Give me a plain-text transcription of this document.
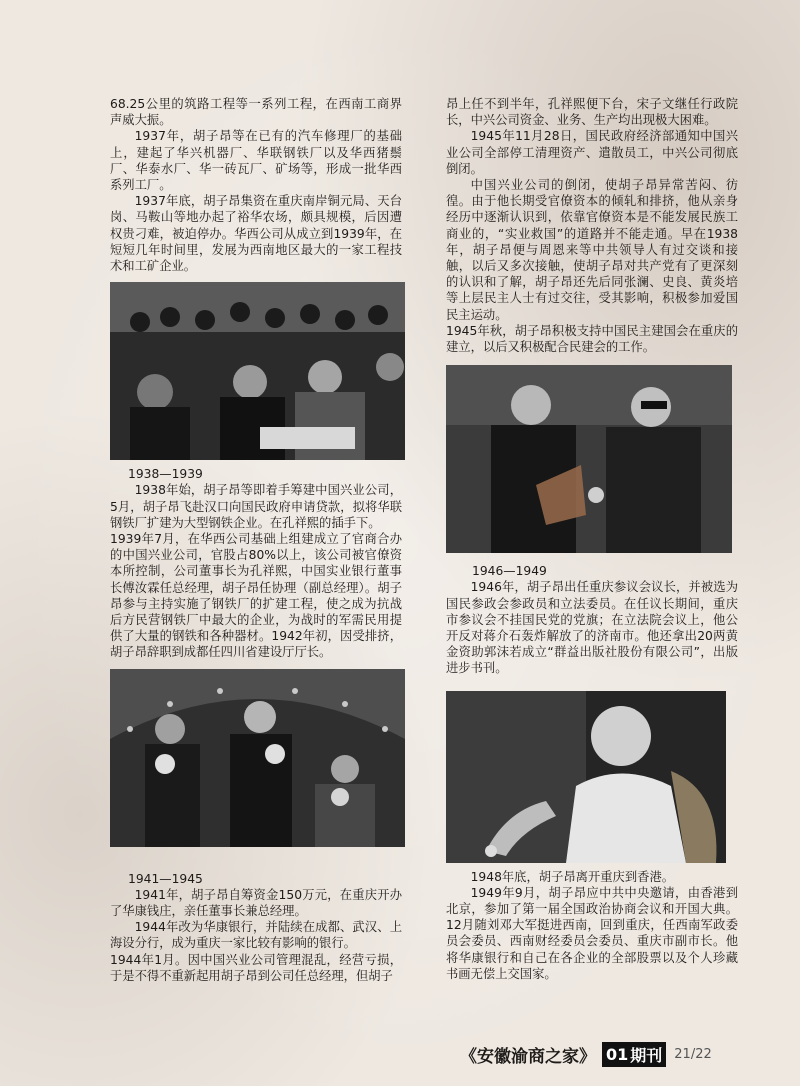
68.25公里的筑路工程等一系列工程，在西南工商界声威大振。

1937年，胡子昂等在已有的汽车修理厂的基础上，建起了华兴机器厂、华联钢铁厂以及华西猪鬃厂、华泰水厂、华一砖瓦厂、矿场等，形成一批华西系列工厂。

1937年底，胡子昂集资在重庆南岸铜元局、天台岗、马鞍山等地办起了裕华农场，颇具规模，后因遭权贵刁难，被迫停办。华西公司从成立到1939年，在短短几年时间里，发展为西南地区最大的一家工程技术和工矿企业。

1938—1939

1938年始，胡子昂等即着手筹建中国兴业公司，5月，胡子昂飞赴汉口向国民政府申请贷款，拟将华联钢铁厂扩建为大型钢铁企业。在孔祥熙的插手下。

1939年7月，在华西公司基础上组建成立了官商合办的中国兴业公司，官股占80%以上，该公司被官僚资本所控制，公司董事长为孔祥熙，中国实业银行董事长傅汝霖任总经理，胡子昂任协理（副总经理）。胡子昂参与主持实施了钢铁厂的扩建工程，使之成为抗战后方民营钢铁厂中最大的企业，为战时的军需民用提供了大量的钢铁和各种器材。1942年初，因受排挤，胡子昂辞职到成都任四川省建设厅厅长。

1941—1945

1941年，胡子昂自筹资金150万元，在重庆开办了华康钱庄，亲任董事长兼总经理。

1944年改为华康银行，并陆续在成都、武汉、上海设分行，成为重庆一家比较有影响的银行。

1944年1月。因中国兴业公司管理混乱，经营亏损，于是不得不重新起用胡子昂到公司任总经理，但胡子

昂上任不到半年，孔祥熙便下台，宋子文继任行政院长，中兴公司资金、业务、生产均出现极大困难。

1945年11月28日，国民政府经济部通知中国兴业公司全部停工清理资产、遣散员工，中兴公司彻底倒闭。

中国兴业公司的倒闭，使胡子昂异常苦闷、彷徨。由于他长期受官僚资本的倾轧和排挤，他从亲身经历中逐渐认识到，依靠官僚资本是不能发展民族工商业的，“实业救国”的道路并不能走通。早在1938年，胡子昂便与周恩来等中共领导人有过交谈和接触，以后又多次接触，使胡子昂对共产党有了更深刻的认识和了解，胡子昂还先后同张澜、史良、黄炎培等上层民主人士有过交往，受其影响，积极参加爱国民主运动。

1945年秋，胡子昂积极支持中国民主建国会在重庆的建立，以后又积极配合民建会的工作。

1946—1949

1946年，胡子昂出任重庆参议会议长，并被选为国民参政会参政员和立法委员。在任议长期间，重庆市参议会不挂国民党的党旗；在立法院会议上，他公开反对蒋介石轰炸解放了的济南市。他还拿出20两黄金资助郭沫若成立“群益出版社股份有限公司”，出版进步书刊。

1948年底，胡子昂离开重庆到香港。

1949年9月，胡子昂应中共中央邀请，由香港到北京，参加了第一届全国政治协商会议和开国大典。12月随刘邓大军挺进西南，回到重庆，任西南军政委员会委员、西南财经委员会委员、重庆市副市长。他将华康银行和自己在各企业的全部股票以及个人珍藏书画无偿上交国家。

《安徽渝商之家》 01 期刊 21/22
